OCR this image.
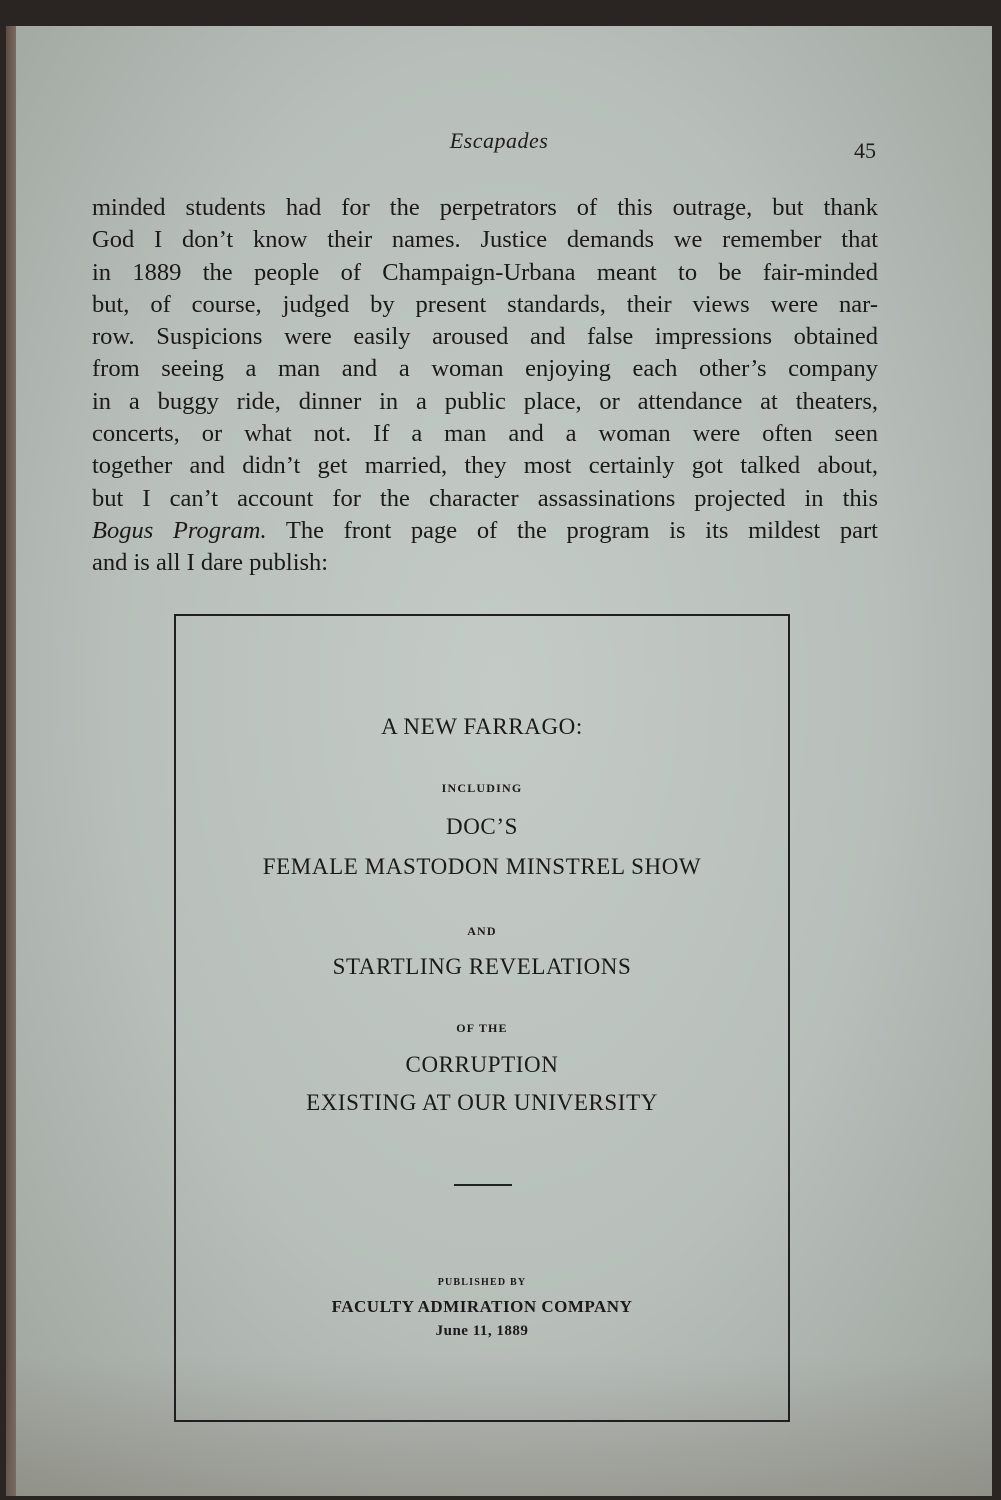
Escapades	45
minded students had for the perpetrators of this outrage, but thank
God I don’t know their names. Justice demands we remember that
in 1889 the people of Champaign-Urbana meant to be fair-minded
but, of course, judged by present standards, their views were nar-
row. Suspicions were easily aroused and false impressions obtained
from seeing a man and a woman enjoying each other’s company
in a buggy ride, dinner in a public place, or attendance at theaters,
concerts, or what not. If a man and a woman were often seen
together and didn’t get married, they most certainly got talked about,
but I can’t account for the character assassinations projected in this
Bogus Program. The front page of the program is its mildest part
and is all I dare publish:
A NEW FARRAGO:
INCLUDING
DOC’S
FEMALE MASTODON MINSTREL SHOW
AND
STARTLING REVELATIONS
OF THE
CORRUPTION
EXISTING AT OUR UNIVERSITY
PUBLISHED BY
FACULTY ADMIRATION COMPANY
June 11, 1889
